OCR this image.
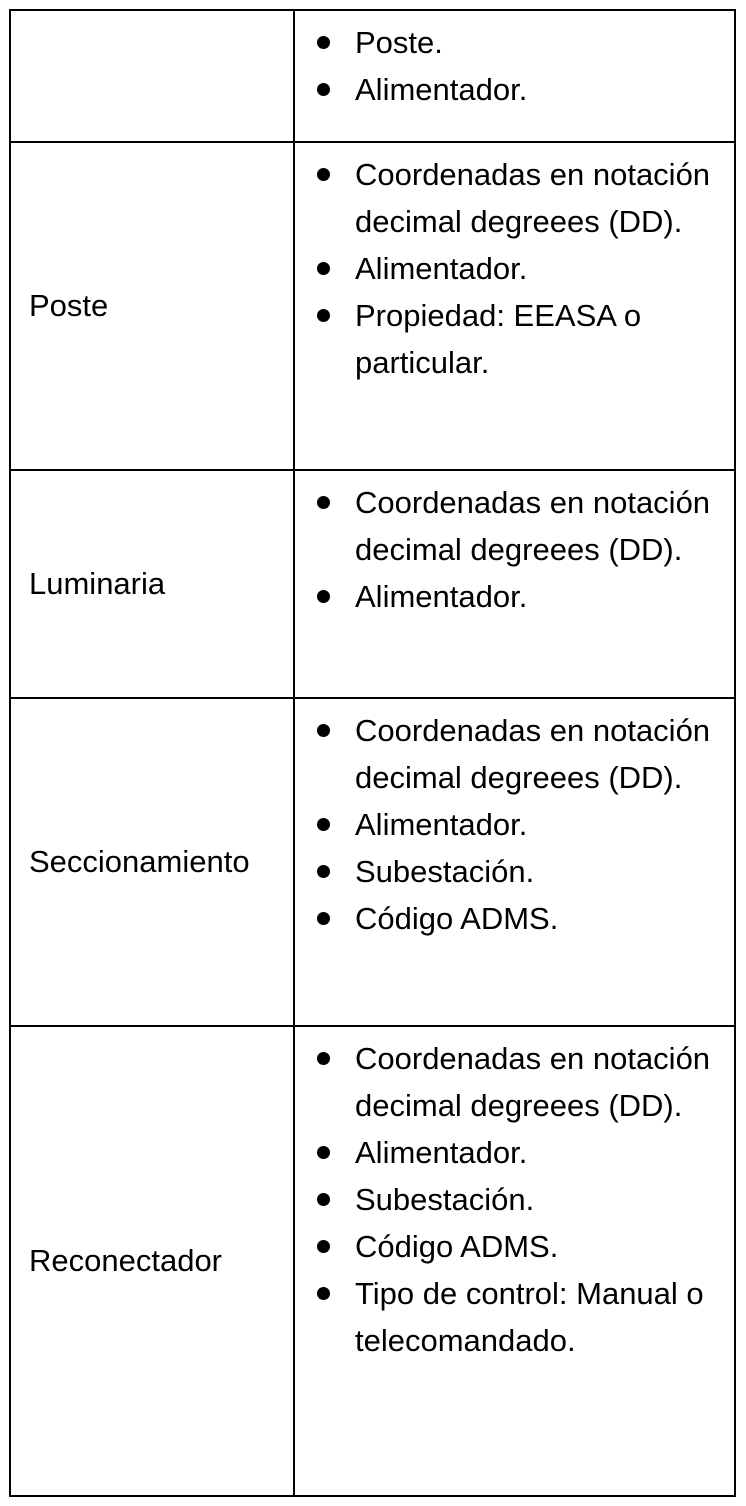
Poste.
Alimentador.
Poste
Coordenadas en notación decimal degreees (DD).
Alimentador.
Propiedad: EEASA o particular.
Luminaria
Coordenadas en notación decimal degreees (DD).
Alimentador.
Seccionamiento
Coordenadas en notación decimal degreees (DD).
Alimentador.
Subestación.
Código ADMS.
Reconectador
Coordenadas en notación decimal degreees (DD).
Alimentador.
Subestación.
Código ADMS.
Tipo de control: Manual o telecomandado.
